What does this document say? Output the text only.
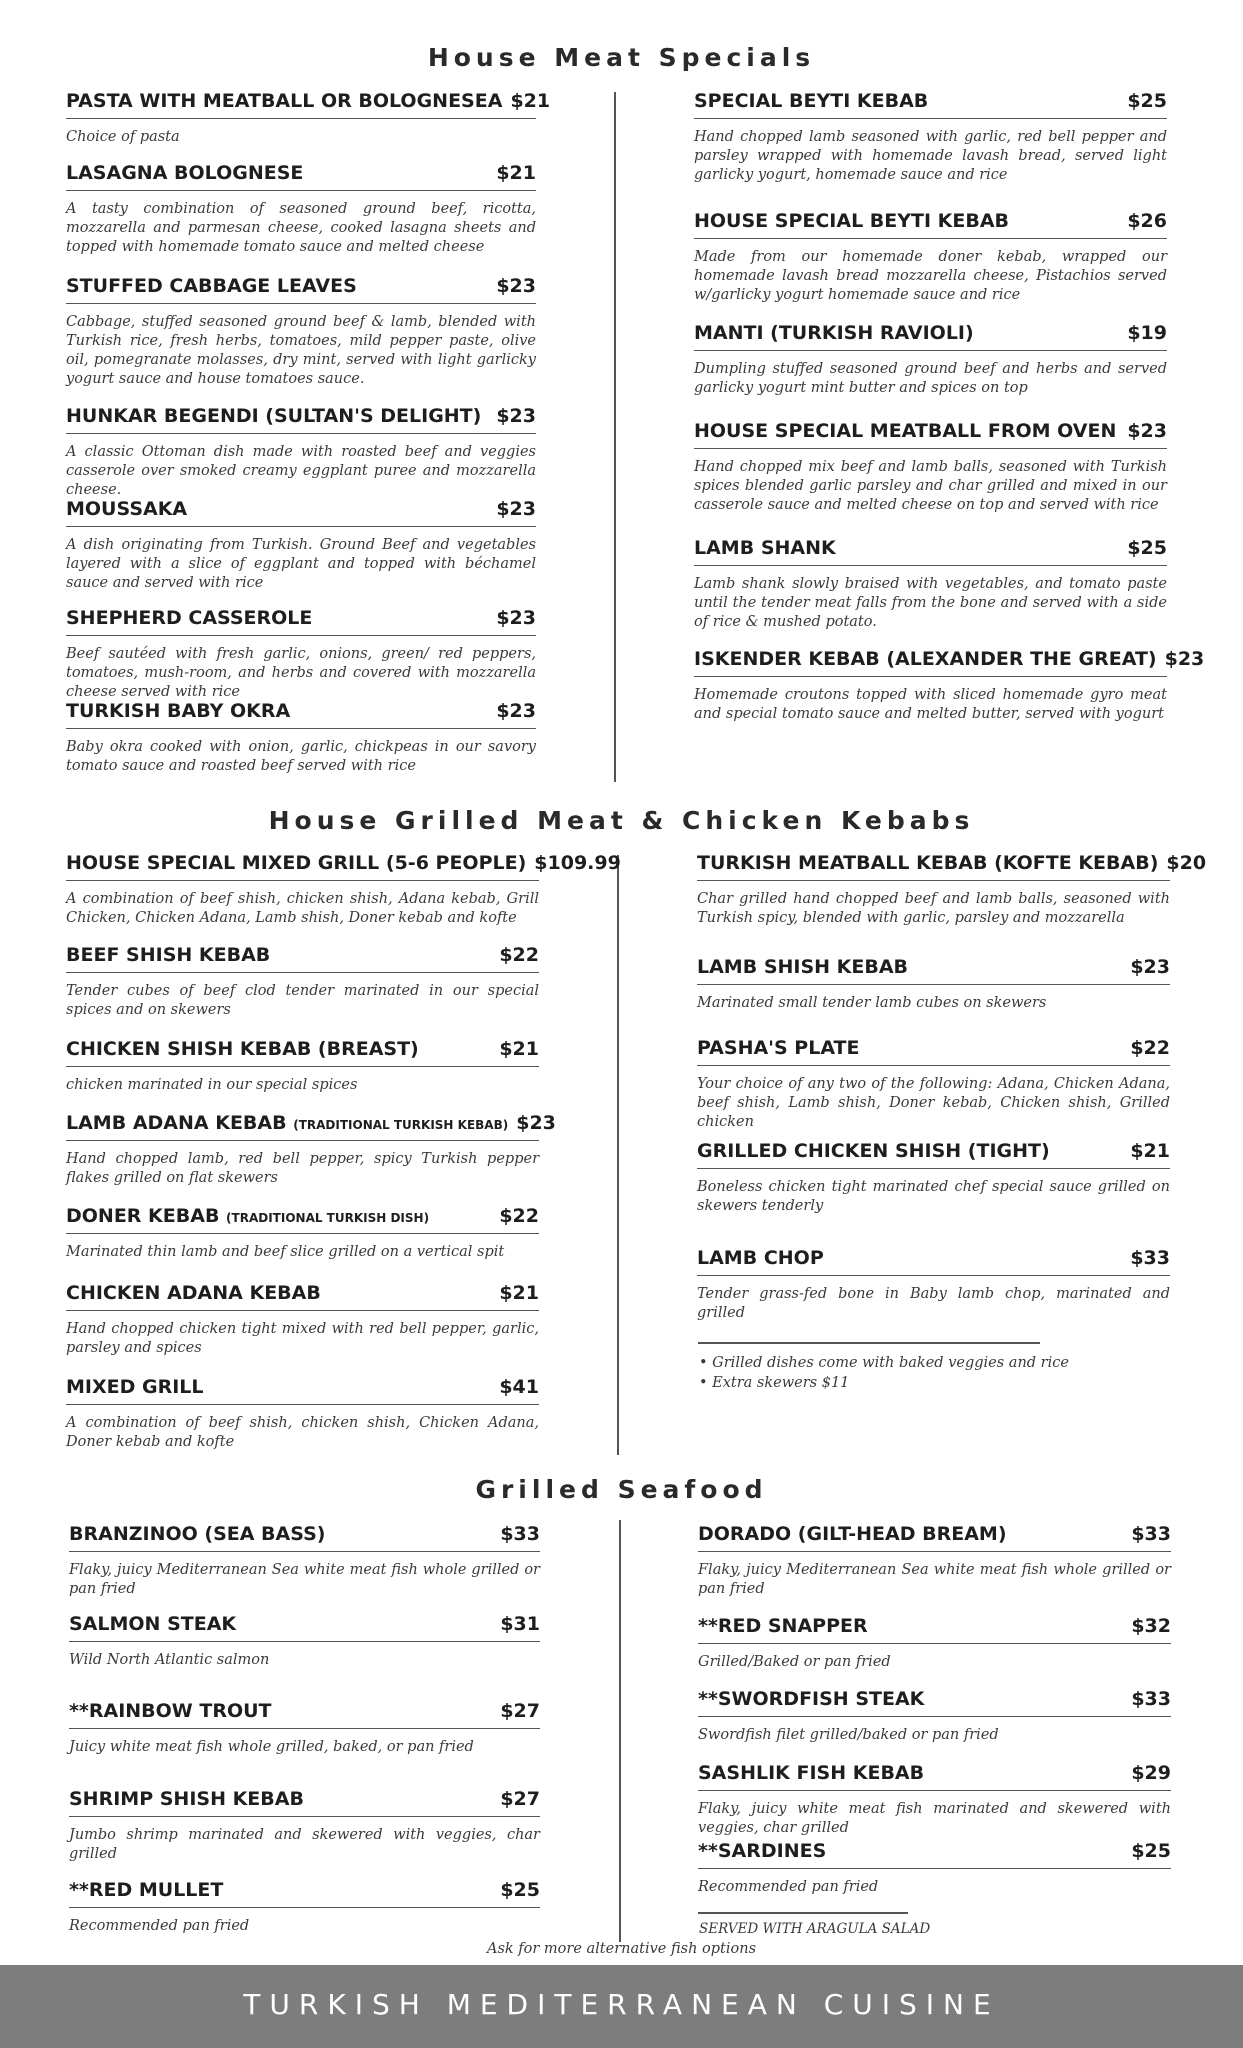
House Meat Specials
House Grilled Meat & Chicken Kebabs
Grilled Seafood
PASTA WITH MEATBALL OR BOLOGNESEA $21
Choice of pasta
LASAGNA BOLOGNESE	$21
A tasty combination of seasoned ground beef, ricotta, mozzarella and parmesan cheese, cooked lasagna sheets and topped with homemade tomato sauce and melted cheese
STUFFED CABBAGE LEAVES	$23
Cabbage, stuffed seasoned ground beef & lamb, blended with Turkish rice, fresh herbs, tomatoes, mild pepper paste, olive oil, pomegranate molasses, dry mint, served with light garlicky yogurt sauce and house tomatoes sauce.
HUNKAR BEGENDI (SULTAN'S DELIGHT) $23
A classic Ottoman dish made with roasted beef and veggies casserole over smoked creamy eggplant puree and mozzarella cheese.
MOUSSAKA	$23
A dish originating from Turkish. Ground Beef and vegetables layered with a slice of eggplant and topped with béchamel sauce and served with rice
SHEPHERD CASSEROLE	$23
Beef sautéed with fresh garlic, onions, green/ red peppers, tomatoes, mush-room, and herbs and covered with mozzarella cheese served with rice
TURKISH BABY OKRA	$23
Baby okra cooked with onion, garlic, chickpeas in our savory tomato sauce and roasted beef served with rice
SPECIAL BEYTI KEBAB	$25
Hand chopped lamb seasoned with garlic, red bell pepper and parsley wrapped with homemade lavash bread, served light garlicky yogurt, homemade sauce and rice
HOUSE SPECIAL BEYTI KEBAB	$26
Made from our homemade doner kebab, wrapped our homemade lavash bread mozzarella cheese, Pistachios served w/garlicky yogurt homemade sauce and rice
MANTI (TURKISH RAVIOLI)	$19
Dumpling stuffed seasoned ground beef and herbs and served garlicky yogurt mint butter and spices on top
HOUSE SPECIAL MEATBALL FROM OVEN $23
Hand chopped mix beef and lamb balls, seasoned with Turkish spices blended garlic parsley and char grilled and mixed in our casserole sauce and melted cheese on top and served with rice
LAMB SHANK	$25
Lamb shank slowly braised with vegetables, and tomato paste until the tender meat falls from the bone and served with a side of rice & mushed potato.
ISKENDER KEBAB (ALEXANDER THE GREAT) $23
Homemade croutons topped with sliced homemade gyro meat and special tomato sauce and melted butter, served with yogurt
HOUSE SPECIAL MIXED GRILL (5-6 PEOPLE) $109.99
A combination of beef shish, chicken shish, Adana kebab, Grill Chicken, Chicken Adana, Lamb shish, Doner kebab and kofte
BEEF SHISH KEBAB	$22
Tender cubes of beef clod tender marinated in our special spices and on skewers
CHICKEN SHISH KEBAB (BREAST)	$21
chicken marinated in our special spices
LAMB ADANA KEBAB (TRADITIONAL TURKISH KEBAB) $23
Hand chopped lamb, red bell pepper, spicy Turkish pepper flakes grilled on flat skewers
DONER KEBAB (TRADITIONAL TURKISH DISH)	$22
Marinated thin lamb and beef slice grilled on a vertical spit
CHICKEN ADANA KEBAB	$21
Hand chopped chicken tight mixed with red bell pepper, garlic, parsley and spices
MIXED GRILL	$41
A combination of beef shish, chicken shish, Chicken Adana, Doner kebab and kofte
TURKISH MEATBALL KEBAB (KOFTE KEBAB) $20
Char grilled hand chopped beef and lamb balls, seasoned with Turkish spicy, blended with garlic, parsley and mozzarella
LAMB SHISH KEBAB	$23
Marinated small tender lamb cubes on skewers
PASHA'S PLATE	$22
Your choice of any two of the following: Adana, Chicken Adana, beef shish, Lamb shish, Doner kebab, Chicken shish, Grilled chicken
GRILLED CHICKEN SHISH (TIGHT)	$21
Boneless chicken tight marinated chef special sauce grilled on skewers tenderly
LAMB CHOP	$33
Tender grass-fed bone in Baby lamb chop, marinated and grilled
BRANZINOO (SEA BASS)	$33
Flaky, juicy Mediterranean Sea white meat fish whole grilled or pan fried
SALMON STEAK	$31
Wild North Atlantic salmon
**RAINBOW TROUT	$27
Juicy white meat fish whole grilled, baked, or pan fried
SHRIMP SHISH KEBAB	$27
Jumbo shrimp marinated and skewered with veggies, char grilled
**RED MULLET	$25
Recommended pan fried
DORADO (GILT-HEAD BREAM)	$33
Flaky, juicy Mediterranean Sea white meat fish whole grilled or pan fried
**RED SNAPPER	$32
Grilled/Baked or pan fried
**SWORDFISH STEAK	$33
Swordfish filet grilled/baked or pan fried
SASHLIK FISH KEBAB	$29
Flaky, juicy white meat fish marinated and skewered with veggies, char grilled
**SARDINES	$25
Recommended pan fried
• Grilled dishes come with baked veggies and rice
• Extra skewers $11
SERVED WITH ARAGULA SALAD
Ask for more alternative fish options
TURKISH MEDITERRANEAN CUISINE
